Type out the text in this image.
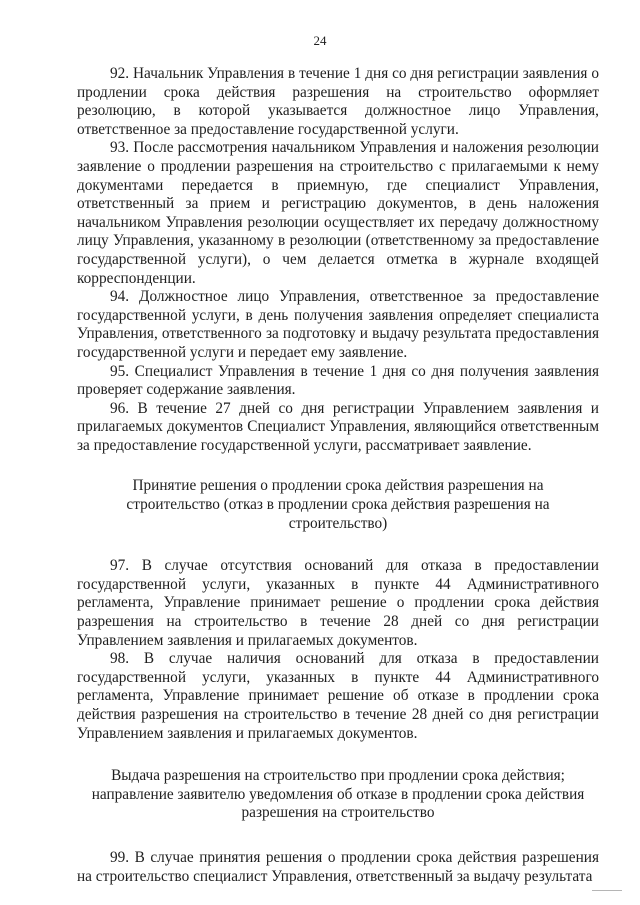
24

92. Начальник Управления в течение 1 дня со дня регистрации заявления о продлении срока действия разрешения на строительство оформляет резолюцию, в которой указывается должностное лицо Управления, ответственное за предоставление государственной услуги.

93. После рассмотрения начальником Управления и наложения резолюции заявление о продлении разрешения на строительство с прилагаемыми к нему документами передается в приемную, где специалист Управления, ответственный за прием и регистрацию документов, в день наложения начальником Управления резолюции осуществляет их передачу должностному лицу Управления, указанному в резолюции (ответственному за предоставление государственной услуги), о чем делается отметка в журнале входящей корреспонденции.

94. Должностное лицо Управления, ответственное за предоставление государственной услуги, в день получения заявления определяет специалиста Управления, ответственного за подготовку и выдачу результата предоставления государственной услуги и передает ему заявление.

95. Специалист Управления в течение 1 дня со дня получения заявления проверяет содержание заявления.

96. В течение 27 дней со дня регистрации Управлением заявления и прилагаемых документов Специалист Управления, являющийся ответственным за предоставление государственной услуги, рассматривает заявление.

Принятие решения о продлении срока действия разрешения на строительство (отказ в продлении срока действия разрешения на строительство)

97. В случае отсутствия оснований для отказа в предоставлении государственной услуги, указанных в пункте 44 Административного регламента, Управление принимает решение о продлении срока действия разрешения на строительство в течение 28 дней со дня регистрации Управлением заявления и прилагаемых документов.

98. В случае наличия оснований для отказа в предоставлении государственной услуги, указанных в пункте 44 Административного регламента, Управление принимает решение об отказе в продлении срока действия разрешения на строительство в течение 28 дней со дня регистрации Управлением заявления и прилагаемых документов.

Выдача разрешения на строительство при продлении срока действия; направление заявителю уведомления об отказе в продлении срока действия разрешения на строительство

99. В случае принятия решения о продлении срока действия разрешения на строительство специалист Управления, ответственный за выдачу результата
